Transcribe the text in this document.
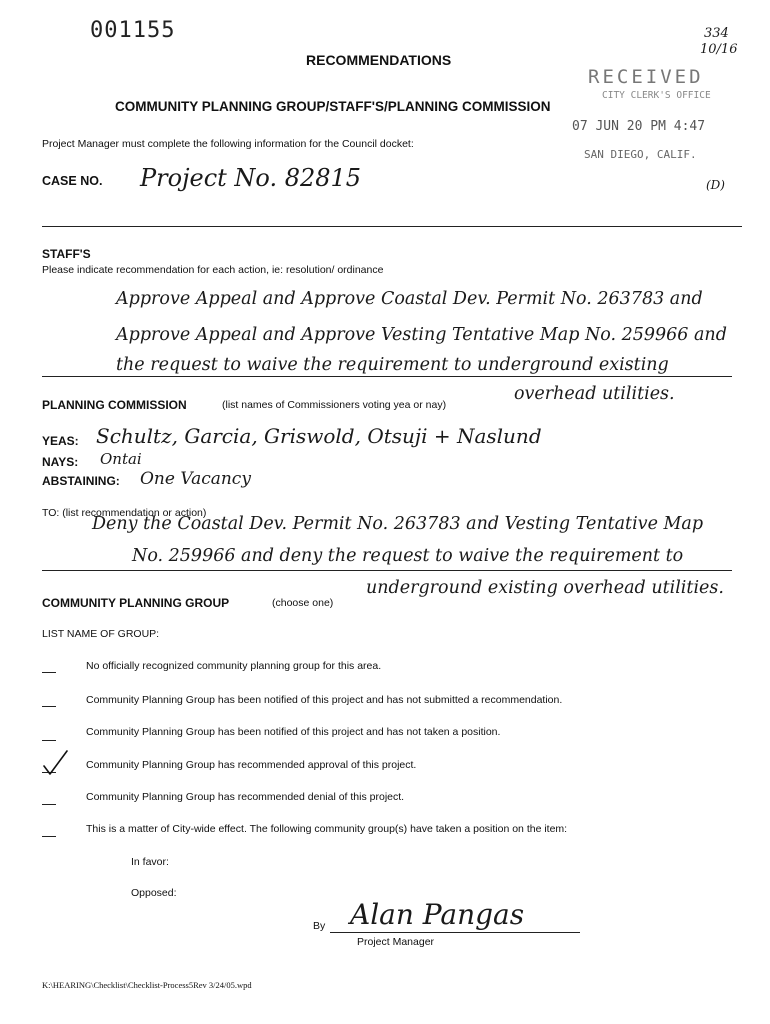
001155	334
10/16
RECOMMENDATIONS
RECEIVED
CITY CLERK'S OFFICE
COMMUNITY PLANNING GROUP/STAFF'S/PLANNING COMMISSION
07 JUN 20 PM 4:47
Project Manager must complete the following information for the Council docket:
SAN DIEGO, CALIF.
CASE NO. Project No. 82815	(D)
STAFF'S
Please indicate recommendation for each action, ie: resolution/ ordinance
Approve Appeal and Approve Coastal Dev. Permit No. 263783 and
Approve Appeal and Approve Vesting Tentative Map No. 259966 and
the request to waive the requirement to underground existing
overhead utilities.
PLANNING COMMISSION	(list names of Commissioners voting yea or nay)
YEAS: Schultz, Garcia, Griswold, Otsuji + Naslund
NAYS: Ontai
ABSTAINING: One Vacancy
TO: (list recommendation or action)
Deny the Coastal Dev. Permit No. 263783 and Vesting Tentative Map
No. 259966 and deny the request to waive the requirement to
underground existing overhead utilities.
COMMUNITY PLANNING GROUP	(choose one)
LIST NAME OF GROUP:
No officially recognized community planning group for this area.
Community Planning Group has been notified of this project and has not submitted a recommendation.
Community Planning Group has been notified of this project and has not taken a position.
Community Planning Group has recommended approval of this project.
Community Planning Group has recommended denial of this project.
This is a matter of City-wide effect. The following community group(s) have taken a position on the item:
In favor:
Opposed:
By Alan Pangas
Project Manager
K:\HEARING\Checklist\Checklist-Process5Rev 3/24/05.wpd
